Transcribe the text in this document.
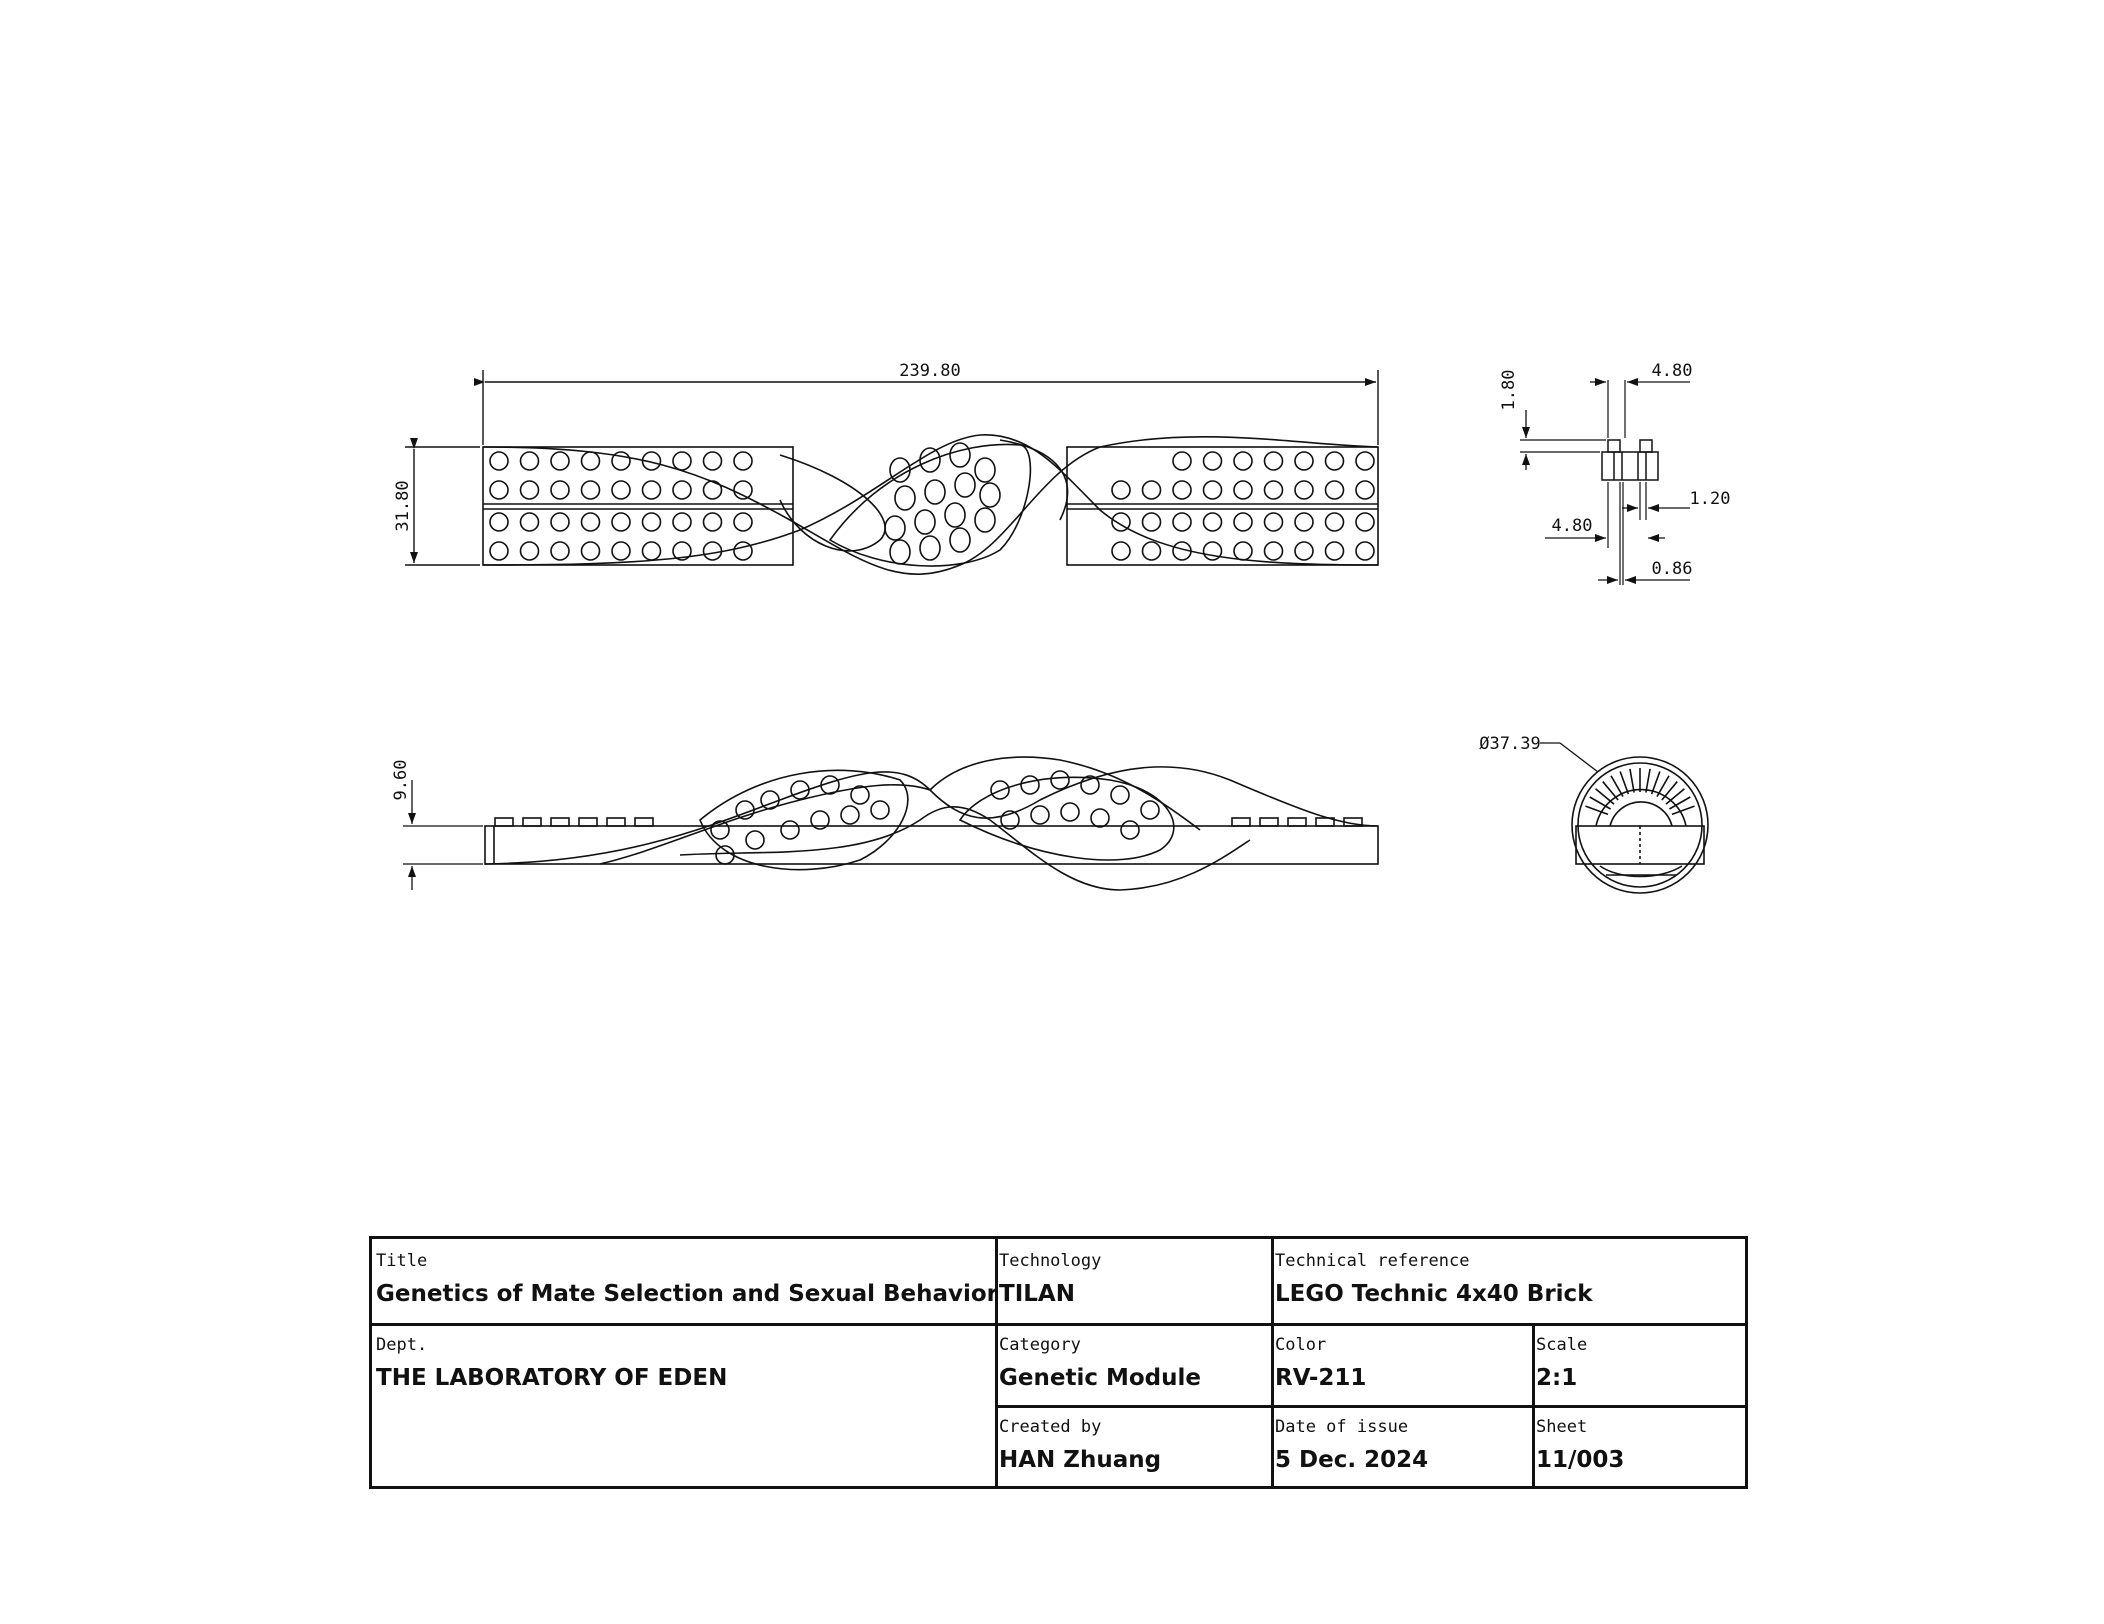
239.80
31.80
1.80	4.80
1.20
4.80
0.86
9.60
Ø37.39
Title
Genetics of Mate Selection and Sexual Behavior
Technology
TILAN
Technical reference
LEGO Technic 4x40 Brick
Dept.
THE LABORATORY OF EDEN
Category
Genetic Module
Color
RV-211
Scale
2:1
Created by
HAN Zhuang
Date of issue
5 Dec. 2024
Sheet
11/003
